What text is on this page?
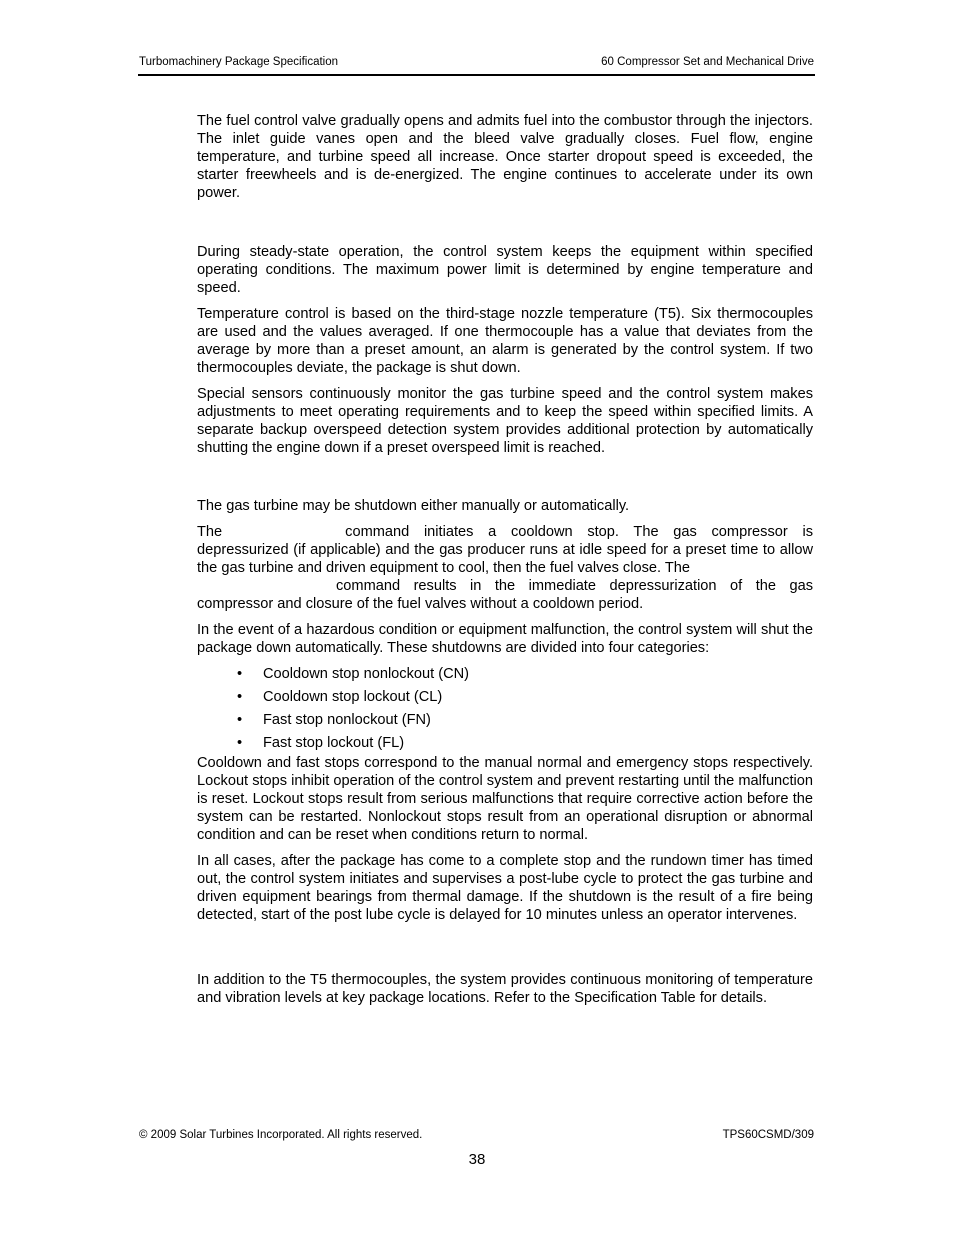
Turbomachinery Package Specification	60 Compressor Set and Mechanical Drive

The fuel control valve gradually opens and admits fuel into the combustor through the injectors. The inlet guide vanes open and the bleed valve gradually closes. Fuel flow, engine temperature, and turbine speed all increase. Once starter dropout speed is exceeded, the starter freewheels and is de-energized. The engine continues to accelerate under its own power.

During steady-state operation, the control system keeps the equipment within specified operating conditions. The maximum power limit is determined by engine temperature and speed.

Temperature control is based on the third-stage nozzle temperature (T5). Six thermocouples are used and the values averaged. If one thermocouple has a value that deviates from the average by more than a preset amount, an alarm is generated by the control system. If two thermocouples deviate, the package is shut down.

Special sensors continuously monitor the gas turbine speed and the control system makes adjustments to meet operating requirements and to keep the speed within specified limits. A separate backup overspeed detection system provides additional protection by automatically shutting the engine down if a preset overspeed limit is reached.

The gas turbine may be shutdown either manually or automatically.

The	command initiates a cooldown stop. The gas compressor is depressurized (if applicable) and the gas producer runs at idle speed for a preset time to allow the gas turbine and driven equipment to cool, then the fuel valves close. The
command results in the immediate depressurization of the gas compressor and closure of the fuel valves without a cooldown period.

In the event of a hazardous condition or equipment malfunction, the control system will shut the package down automatically. These shutdowns are divided into four categories:

• Cooldown stop nonlockout (CN)
• Cooldown stop lockout (CL)
• Fast stop nonlockout (FN)
• Fast stop lockout (FL)

Cooldown and fast stops correspond to the manual normal and emergency stops respectively. Lockout stops inhibit operation of the control system and prevent restarting until the malfunction is reset. Lockout stops result from serious malfunctions that require corrective action before the system can be restarted. Nonlockout stops result from an operational disruption or abnormal condition and can be reset when conditions return to normal.

In all cases, after the package has come to a complete stop and the rundown timer has timed out, the control system initiates and supervises a post-lube cycle to protect the gas turbine and driven equipment bearings from thermal damage. If the shutdown is the result of a fire being detected, start of the post lube cycle is delayed for 10 minutes unless an operator intervenes.

In addition to the T5 thermocouples, the system provides continuous monitoring of temperature and vibration levels at key package locations. Refer to the Specification Table for details.

© 2009 Solar Turbines Incorporated. All rights reserved.	TPS60CSMD/309
38
